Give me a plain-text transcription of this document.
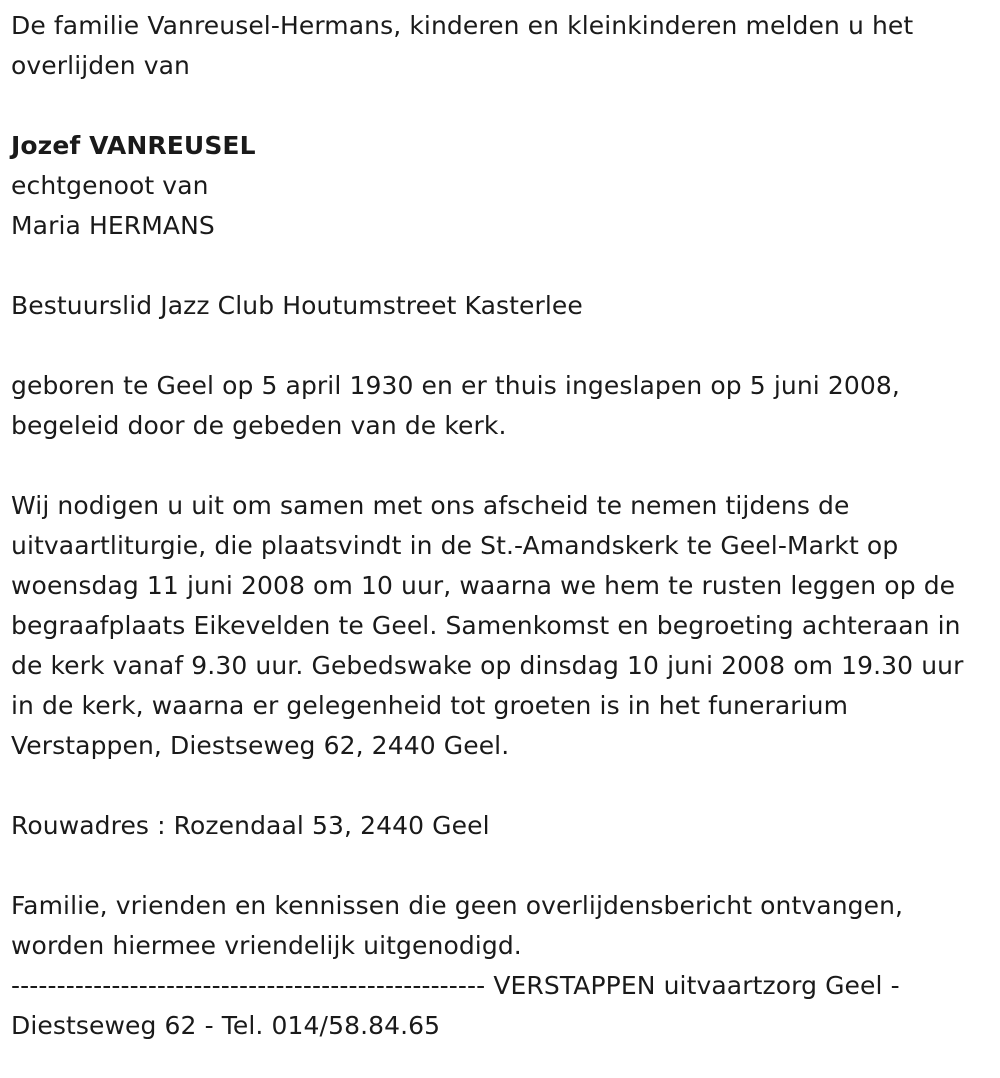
De familie Vanreusel-Hermans, kinderen en kleinkinderen melden u het overlijden van

Jozef VANREUSEL

echtgenoot van

Maria HERMANS

Bestuurslid Jazz Club Houtumstreet Kasterlee

geboren te Geel op 5 april 1930 en er thuis ingeslapen op 5 juni 2008, begeleid door de gebeden van de kerk.

Wij nodigen u uit om samen met ons afscheid te nemen tijdens de uitvaartliturgie, die plaatsvindt in de St.-Amandskerk te Geel-Markt op woensdag 11 juni 2008 om 10 uur, waarna we hem te rusten leggen op de begraafplaats Eikevelden te Geel. Samenkomst en begroeting achteraan in de kerk vanaf 9.30 uur. Gebedswake op dinsdag 10 juni 2008 om 19.30 uur in de kerk, waarna er gelegenheid tot groeten is in het funerarium Verstappen, Diestseweg 62, 2440 Geel.

Rouwadres : Rozendaal 53, 2440 Geel

Familie, vrienden en kennissen die geen overlijdensbericht ontvangen, worden hiermee vriendelijk uitgenodigd.

---------------------------------------------------- VERSTAPPEN uitvaartzorg Geel - Diestseweg 62 - Tel. 014/58.84.65
